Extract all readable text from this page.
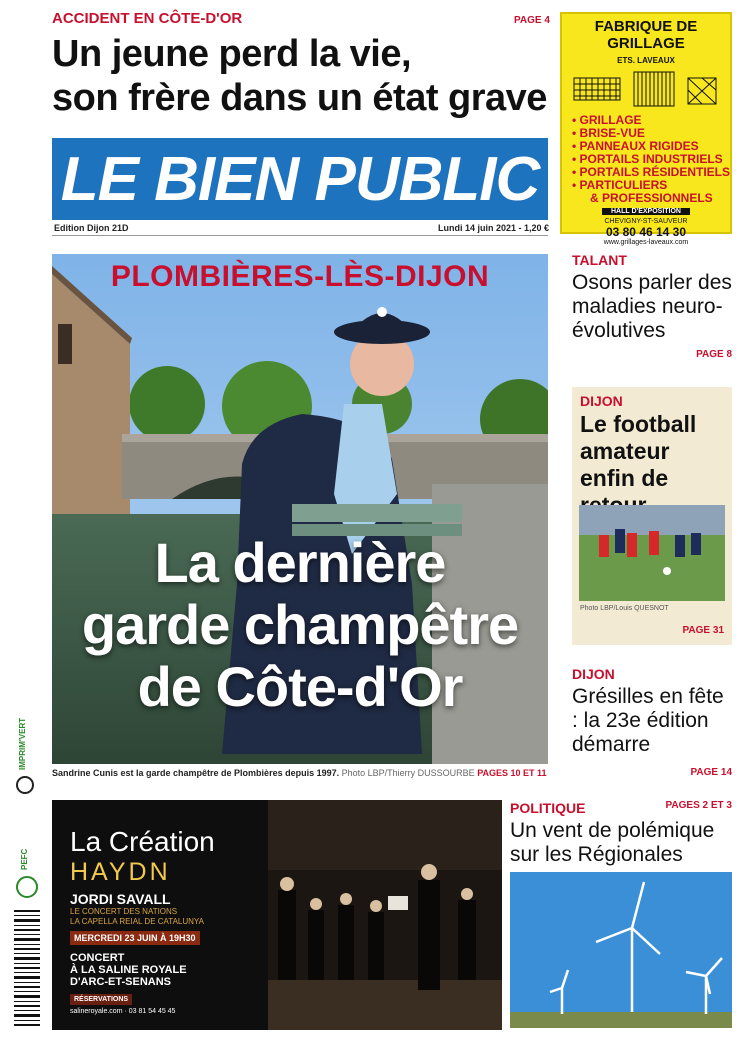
ACCIDENT EN CÔTE-D'OR	PAGE 4
Un jeune perd la vie,
son frère dans un état grave
FABRIQUE DE GRILLAGE
ETS. LAVEAUX
• GRILLAGE
• BRISE-VUE
• PANNEAUX RIGIDES
• PORTAILS INDUSTRIELS
• PORTAILS RÉSIDENTIELS
• PARTICULIERS
& PROFESSIONNELS
HALL D'EXPOSITION
CHEVIGNY-ST-SAUVEUR
03 80 46 14 30
www.grillages-laveaux.com
LE BIEN PUBLIC
Edition Dijon 21D	Lundi 14 juin 2021 - 1,20 €
PLOMBIÈRES-LÈS-DIJON
La dernière
garde champêtre
de Côte-d'Or
Sandrine Cunis est la garde champêtre de Plombières depuis 1997. Photo LBP/Thierry DUSSOURBE PAGES 10 ET 11
TALANT
Osons parler des maladies neuro-évolutives
PAGE 8
DIJON
Le football amateur enfin de
Photo LBP/Louis QUESNOT
PAGE 31
DIJON
Grésilles en fête : la 23e édition démarre
PAGE 14
POLITIQUE	PAGES 2 ET 3
Un vent de polémique sur les Régionales
La Création
HAYDN
JORDI SAVALL
LE CONCERT DES NATIONS
LA CAPELLA REIAL DE CATALUNYA
MERCREDI 23 JUIN À 19H30
CONCERT
À LA SALINE ROYALE
D'ARC-ET-SENANS
RÉSERVATIONS
salineroyale.com · 03 81 54 45 45
IMPRIM'VERT
PEFC
